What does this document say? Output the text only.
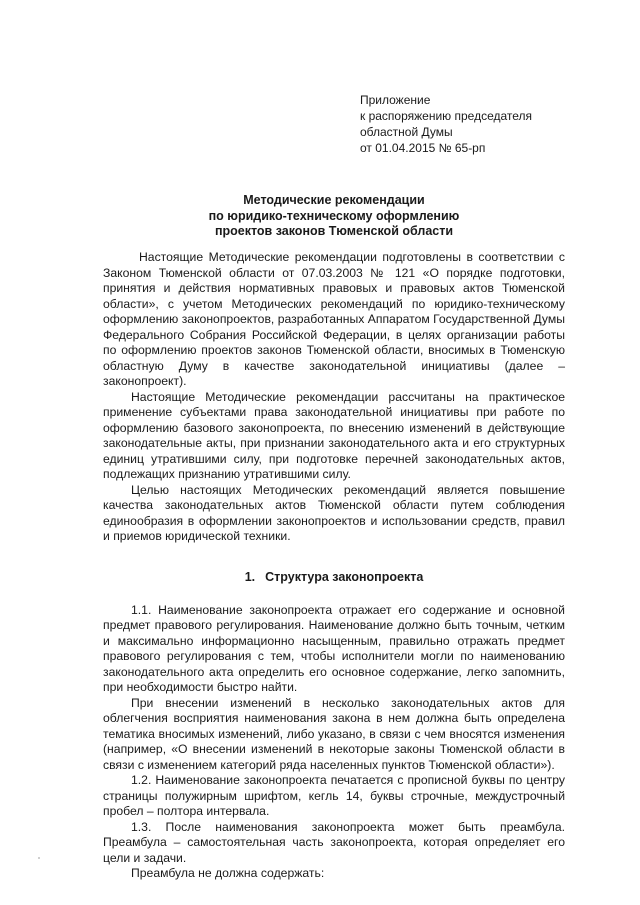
Приложение
к распоряжению председателя
областной Думы
от 01.04.2015 № 65-рп
Методические рекомендации
по юридико-техническому оформлению
проектов законов Тюменской области

Настоящие Методические рекомендации подготовлены в соответствии с Законом Тюменской области от 07.03.2003 № 121 «О порядке подготовки, принятия и действия нормативных правовых и правовых актов Тюменской области», с учетом Методических рекомендаций по юридико-техническому оформлению законопроектов, разработанных Аппаратом Государственной Думы Федерального Собрания Российской Федерации, в целях организации работы по оформлению проектов законов Тюменской области, вносимых в Тюменскую областную Думу в качестве законодательной инициативы (далее – законопроект).

Настоящие Методические рекомендации рассчитаны на практическое применение субъектами права законодательной инициативы при работе по оформлению базового законопроекта, по внесению изменений в действующие законодательные акты, при признании законодательного акта и его структурных единиц утратившими силу, при подготовке перечней законодательных актов, подлежащих признанию утратившими силу.

Целью настоящих Методических рекомендаций является повышение качества законодательных актов Тюменской области путем соблюдения единообразия в оформлении законопроектов и использовании средств, правил и приемов юридической техники.

1. Структура законопроекта

1.1. Наименование законопроекта отражает его содержание и основной предмет правового регулирования. Наименование должно быть точным, четким и максимально информационно насыщенным, правильно отражать предмет правового регулирования с тем, чтобы исполнители могли по наименованию законодательного акта определить его основное содержание, легко запомнить, при необходимости быстро найти.

При внесении изменений в несколько законодательных актов для облегчения восприятия наименования закона в нем должна быть определена тематика вносимых изменений, либо указано, в связи с чем вносятся изменения (например, «О внесении изменений в некоторые законы Тюменской области в связи с изменением категорий ряда населенных пунктов Тюменской области»).

1.2. Наименование законопроекта печатается с прописной буквы по центру страницы полужирным шрифтом, кегль 14, буквы строчные, междустрочный пробел – полтора интервала.

1.3. После наименования законопроекта может быть преамбула. Преамбула – самостоятельная часть законопроекта, которая определяет его цели и задачи.

Преамбула не должна содержать:
